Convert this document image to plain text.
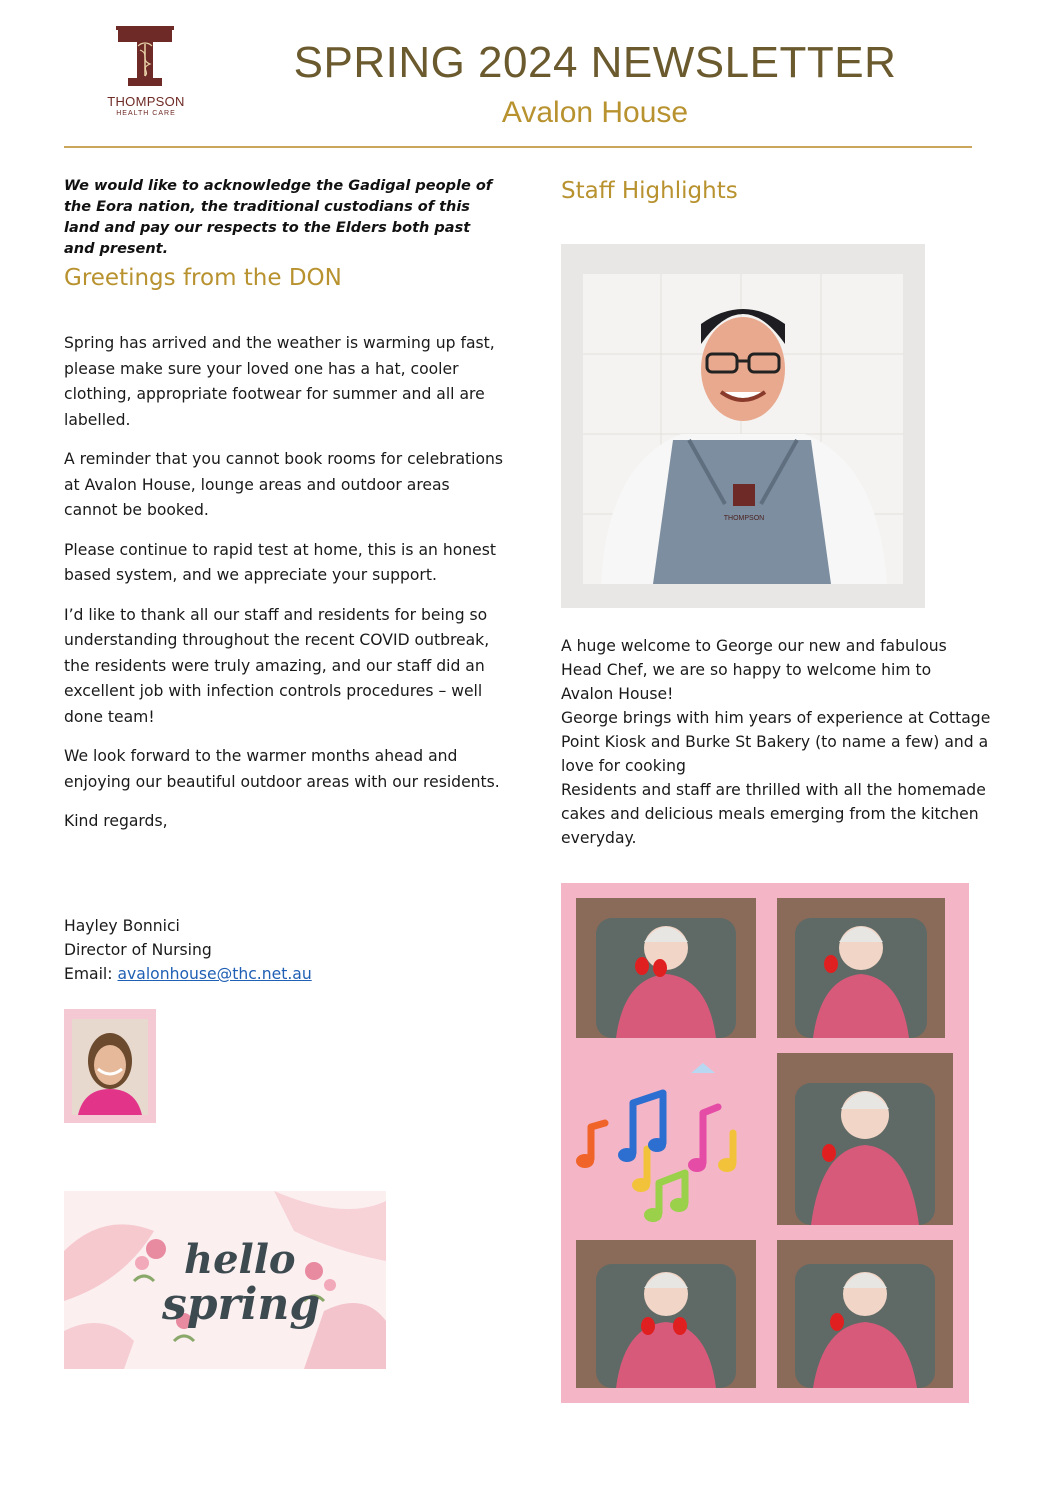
THOMPSON
HEALTH CARE
SPRING 2024 NEWSLETTER
Avalon House
We would like to acknowledge the Gadigal people of the Eora nation, the traditional custodians of this land and pay our respects to the Elders both past and present.
Greetings from the DON

Spring has arrived and the weather is warming up fast, please make sure your loved one has a hat, cooler clothing, appropriate footwear for summer and all are labelled.

A reminder that you cannot book rooms for celebrations at Avalon House, lounge areas and outdoor areas cannot be booked.

Please continue to rapid test at home, this is an honest based system, and we appreciate your support.

I’d like to thank all our staff and residents for being so understanding throughout the recent COVID outbreak, the residents were truly amazing, and our staff did an excellent job with infection controls procedures – well done team!

We look forward to the warmer months ahead and enjoying our beautiful outdoor areas with our residents.

Kind regards,

Hayley Bonnici
Director of Nursing
Email: avalonhouse@thc.net.au
hello
spring
Staff Highlights
THOMPSON
A huge welcome to George our new and fabulous
Head Chef, we are so happy to welcome him to
Avalon House!
George brings with him years of experience at Cottage
Point Kiosk and Burke St Bakery (to name a few) and a
love for cooking
Residents and staff are thrilled with all the homemade
cakes and delicious meals emerging from the kitchen
everyday.
